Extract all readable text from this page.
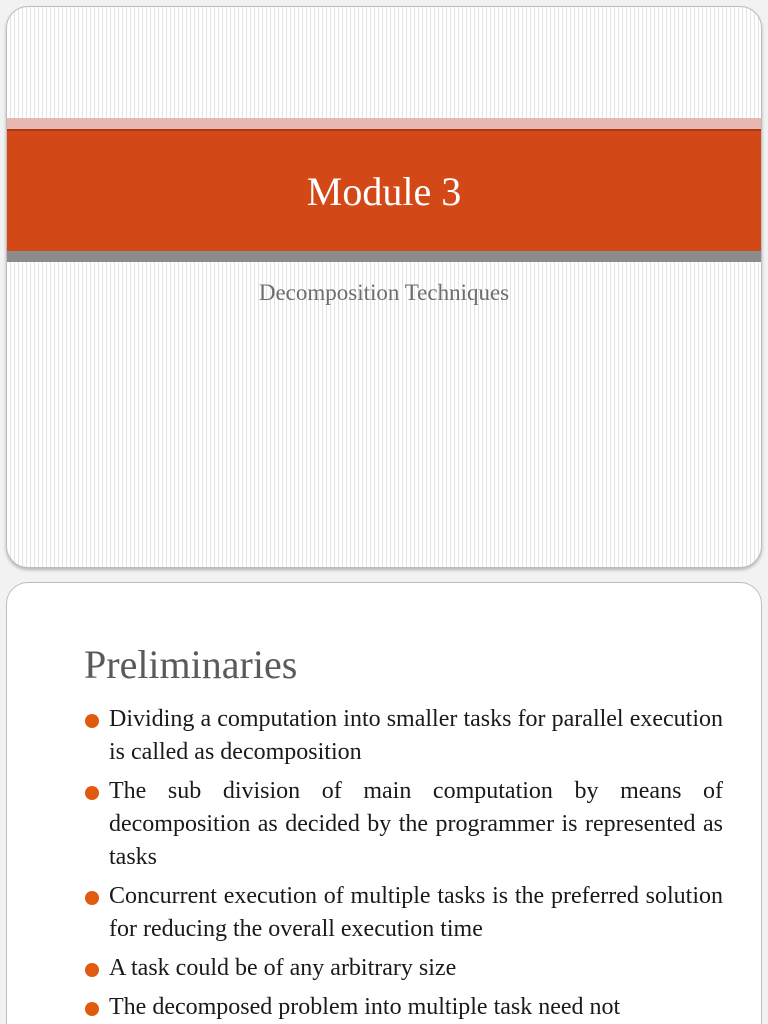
Module 3
Decomposition Techniques
Preliminaries
Dividing a computation into smaller tasks for parallel execution is called as decomposition
The sub division of main computation by means of decomposition as decided by the programmer is represented as tasks
Concurrent execution of multiple tasks is the preferred solution for reducing the overall execution time
A task could be of any arbitrary size
The decomposed problem into multiple task need not
